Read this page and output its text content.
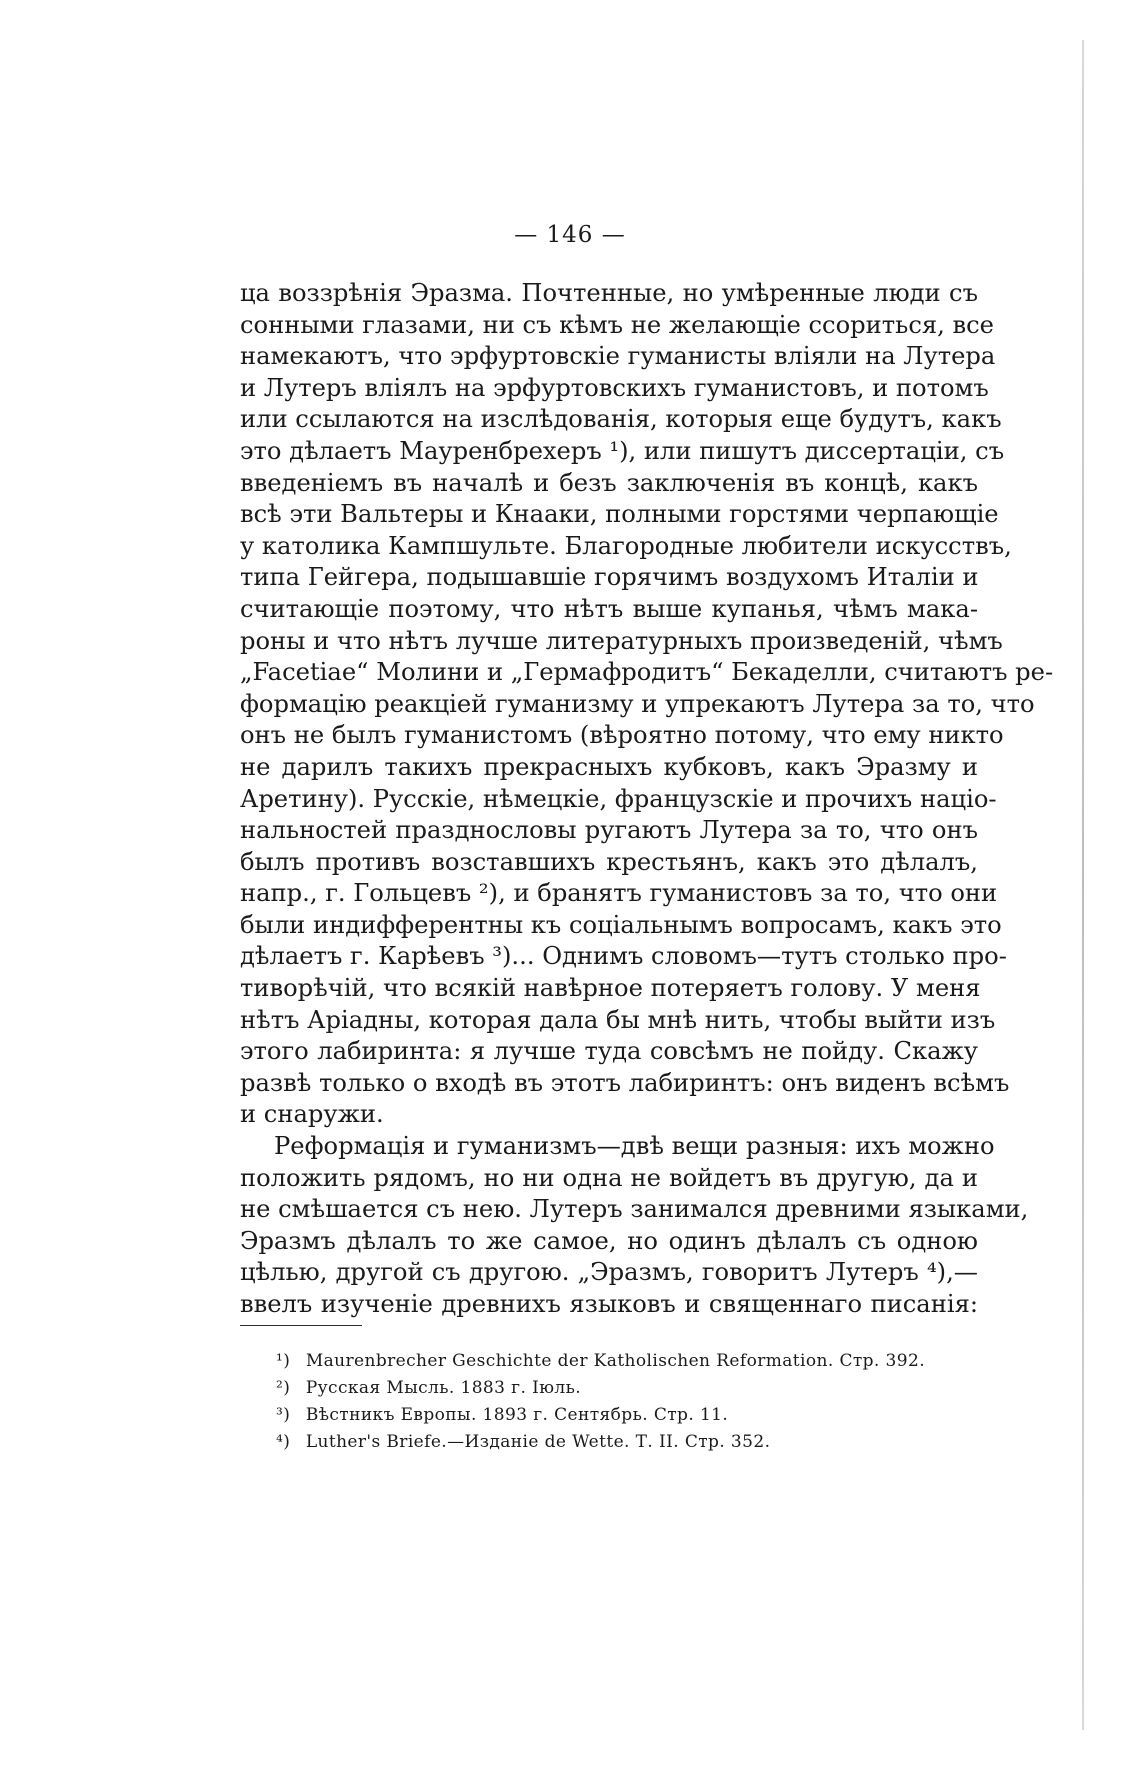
— 146 —
ца воззрѣнія Эразма. Почтенные, но умѣренные люди съ
сонными глазами, ни съ кѣмъ не желающіе ссориться, все
намекаютъ, что эрфуртовскіе гуманисты вліяли на Лутера
и Лутеръ вліялъ на эрфуртовскихъ гуманистовъ, и потомъ
или ссылаются на изслѣдованія, которыя еще будутъ, какъ
это дѣлаетъ Мауренбрехеръ ¹), или пишутъ диссертаціи, съ
введеніемъ въ началѣ и безъ заключенія въ концѣ, какъ
всѣ эти Вальтеры и Кнааки, полными горстями черпающіе
у католика Кампшульте. Благородные любители искусствъ,
типа Гейгера, подышавшіе горячимъ воздухомъ Италіи и
считающіе поэтому, что нѣтъ выше купанья, чѣмъ мака-
роны и что нѣтъ лучше литературныхъ произведеній, чѣмъ
„Facetiae“ Молини и „Гермафродитъ“ Бекаделли, считаютъ ре-
формацію реакціей гуманизму и упрекаютъ Лутера за то, что
онъ не былъ гуманистомъ (вѣроятно потому, что ему никто
не дарилъ такихъ прекрасныхъ кубковъ, какъ Эразму и
Аретину). Русскіе, нѣмецкіе, французскіе и прочихъ націо-
нальностей празднословы ругаютъ Лутера за то, что онъ
былъ противъ возставшихъ крестьянъ, какъ это дѣлалъ,
напр., г. Гольцевъ ²), и бранятъ гуманистовъ за то, что они
были индифферентны къ соціальнымъ вопросамъ, какъ это
дѣлаетъ г. Карѣевъ ³)... Однимъ словомъ—тутъ столько про-
тиворѣчій, что всякій навѣрное потеряетъ голову. У меня
нѣтъ Аріадны, которая дала бы мнѣ нить, чтобы выйти изъ
этого лабиринта: я лучше туда совсѣмъ не пойду. Скажу
развѣ только о входѣ въ этотъ лабиринтъ: онъ виденъ всѣмъ
и снаружи.
Реформація и гуманизмъ—двѣ вещи разныя: ихъ можно
положить рядомъ, но ни одна не войдетъ въ другую, да и
не смѣшается съ нею. Лутеръ занимался древними языками,
Эразмъ дѣлалъ то же самое, но одинъ дѣлалъ съ одною
цѣлью, другой съ другою. „Эразмъ, говоритъ Лутеръ ⁴),—
ввелъ изученіе древнихъ языковъ и священнаго писанія:
¹) Maurenbrecher Geschichte der Katholischen Reformation. Стр. 392.
²) Русская Мысль. 1883 г. Іюль.
³) Вѣстникъ Европы. 1893 г. Сентябрь. Стр. 11.
⁴) Luther's Briefe.—Изданіе de Wette. Т. II. Стр. 352.
